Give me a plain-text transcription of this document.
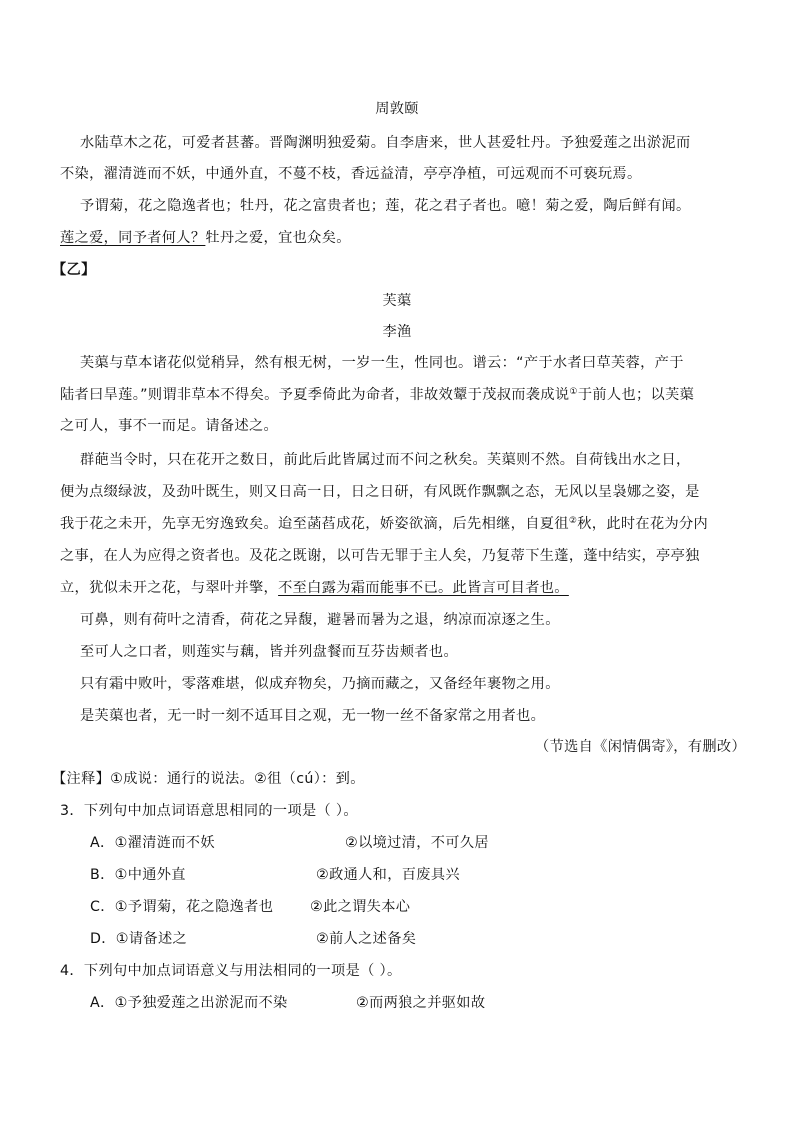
周敦颐
水陆草木之花，可爱者甚蕃。晋陶渊明独爱菊。自李唐来，世人甚爱牡丹。予独爱莲之出淤泥而
不染，濯清涟而不妖，中通外直，不蔓不枝，香远益清，亭亭净植，可远观而不可亵玩焉。
予谓菊，花之隐逸者也；牡丹，花之富贵者也；莲，花之君子者也。噫！菊之爱，陶后鲜有闻。
莲之爱，同予者何人？牡丹之爱，宜也众矣。
【乙】
芙蕖
李渔
芙蕖与草本诸花似觉稍异，然有根无树，一岁一生，性同也。谱云：“产于水者曰草芙蓉，产于
陆者曰旱莲。”则谓非草本不得矣。予夏季倚此为命者，非故效颦于茂叔而袭成说①于前人也；以芙蕖
之可人，事不一而足。请备述之。
群葩当令时，只在花开之数日，前此后此皆属过而不问之秋矣。芙蕖则不然。自荷钱出水之日，
便为点缀绿波，及劲叶既生，则又日高一日，日之日研，有风既作飘飘之态，无风以呈袅娜之姿，是
我于花之未开，先享无穷逸致矣。迨至菡萏成花，娇姿欲滴，后先相继，自夏徂②秋，此时在花为分内
之事，在人为应得之资者也。及花之既谢，以可告无罪于主人矣，乃复蒂下生蓬，蓬中结实，亭亭独
立，犹似未开之花，与翠叶并擎，不至白露为霜而能事不已。此皆言可目者也。
可鼻，则有荷叶之清香，荷花之异馥，避暑而暑为之退，纳凉而凉逐之生。
至可人之口者，则莲实与藕，皆并列盘餐而互芬齿颊者也。
只有霜中败叶，零落难堪，似成弃物矣，乃摘而藏之，又备经年裹物之用。
是芙蕖也者，无一时一刻不适耳目之观，无一物一丝不备家常之用者也。
（节选自《闲情偶寄》，有删改）
【注释】①成说：通行的说法。②徂（cú）：到。
3．下列句中加点词语意思相同的一项是（ ）。
A．①濯清涟而不妖	②以境过清，不可久居
B．①中通外直	②政通人和，百废具兴
C．①予谓菊，花之隐逸者也	②此之谓失本心
D．①请备述之	②前人之述备矣
4．下列句中加点词语意义与用法相同的一项是（ ）。
A．①予独爱莲之出淤泥而不染	②而两狼之并驱如故
